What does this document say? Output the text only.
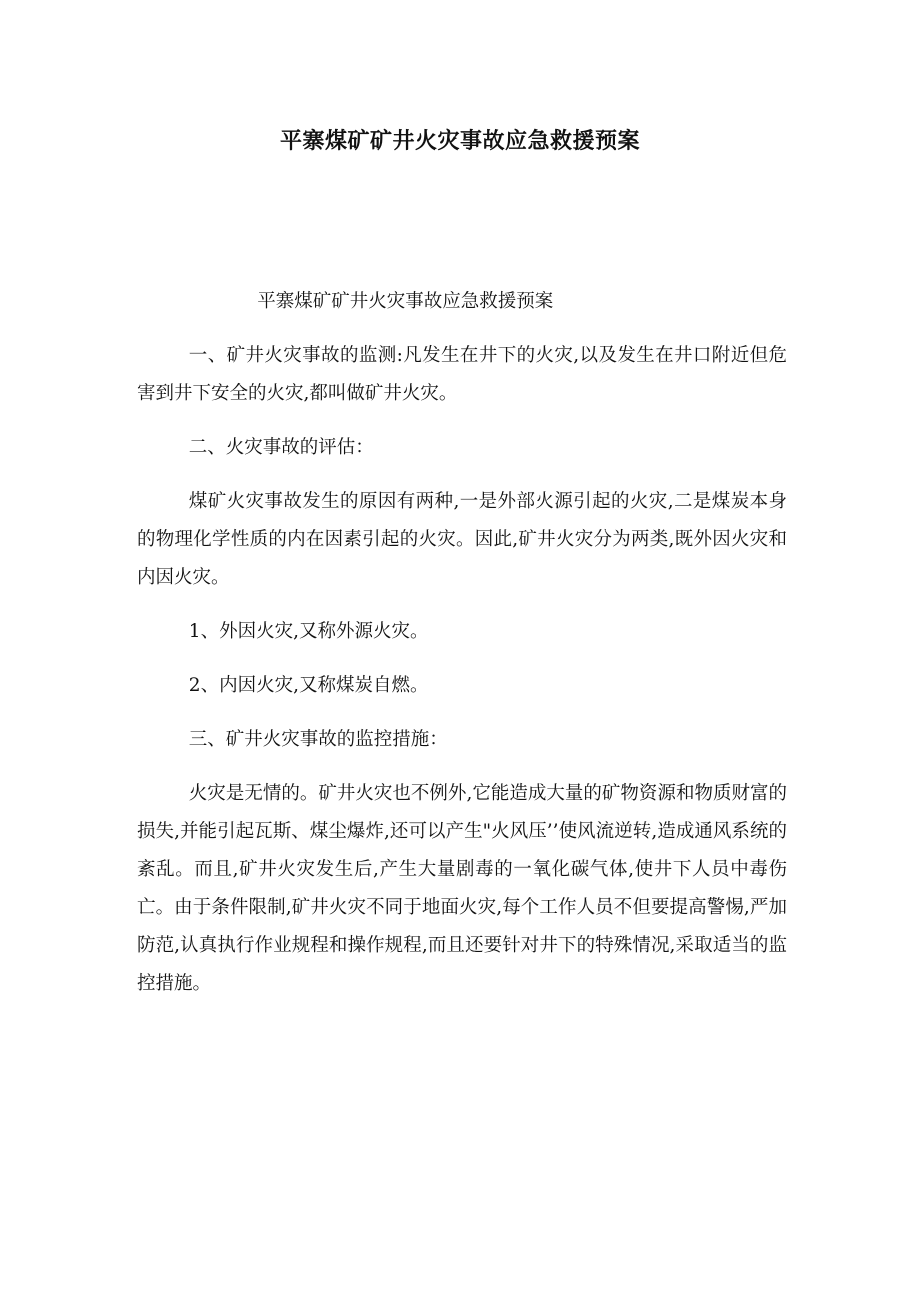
平寨煤矿矿井火灾事故应急救援预案

平寨煤矿矿井火灾事故应急救援预案

一、矿井火灾事故的监测:凡发生在井下的火灾,以及发生在井口附近但危害到井下安全的火灾,都叫做矿井火灾。

二、火灾事故的评估：

煤矿火灾事故发生的原因有两种,一是外部火源引起的火灾,二是煤炭本身的物理化学性质的内在因素引起的火灾。因此,矿井火灾分为两类,既外因火灾和内因火灾。

1、外因火灾,又称外源火灾。

2、内因火灾,又称煤炭自燃。

三、矿井火灾事故的监控措施：

火灾是无情的。矿井火灾也不例外,它能造成大量的矿物资源和物质财富的损失,并能引起瓦斯、煤尘爆炸,还可以产生"火风压’’使风流逆转,造成通风系统的紊乱。而且,矿井火灾发生后,产生大量剧毒的一氧化碳气体,使井下人员中毒伤亡。由于条件限制,矿井火灾不同于地面火灾,每个工作人员不但要提高警惕,严加防范,认真执行作业规程和操作规程,而且还要针对井下的特殊情况,采取适当的监控措施。
